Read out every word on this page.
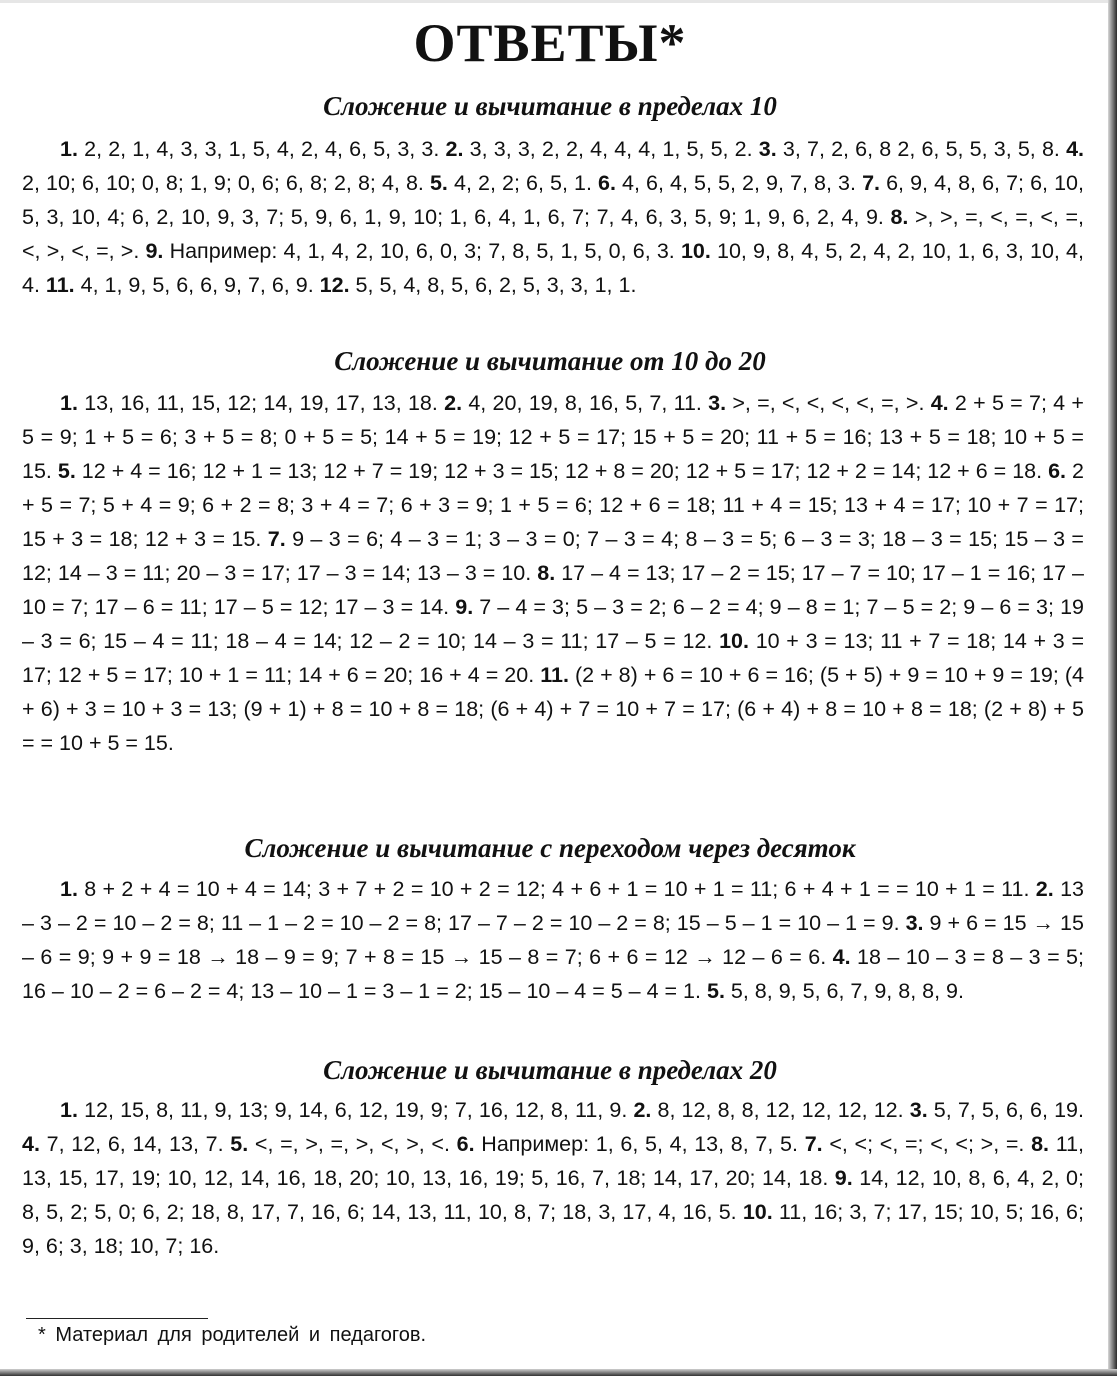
ОТВЕТЫ*
Сложение и вычитание в пределах 10

1. 2, 2, 1, 4, 3, 3, 1, 5, 4, 2, 4, 6, 5, 3, 3. 2. 3, 3, 3, 2, 2, 4, 4, 4, 1, 5, 5, 2. 3. 3, 7, 2, 6, 8 2, 6, 5, 5, 3, 5, 8. 4. 2, 10; 6, 10; 0, 8; 1, 9; 0, 6; 6, 8; 2, 8; 4, 8. 5. 4, 2, 2; 6, 5, 1. 6. 4, 6, 4, 5, 5, 2, 9, 7, 8, 3. 7. 6, 9, 4, 8, 6, 7; 6, 10, 5, 3, 10, 4; 6, 2, 10, 9, 3, 7; 5, 9, 6, 1, 9, 10; 1, 6, 4, 1, 6, 7; 7, 4, 6, 3, 5, 9; 1, 9, 6, 2, 4, 9. 8. >, >, =, <, =, <, =, <, >, <, =, >. 9. Например: 4, 1, 4, 2, 10, 6, 0, 3; 7, 8, 5, 1, 5, 0, 6, 3. 10. 10, 9, 8, 4, 5, 2, 4, 2, 10, 1, 6, 3, 10, 4, 4. 11. 4, 1, 9, 5, 6, 6, 9, 7, 6, 9. 12. 5, 5, 4, 8, 5, 6, 2, 5, 3, 3, 1, 1.

Сложение и вычитание от 10 до 20

1. 13, 16, 11, 15, 12; 14, 19, 17, 13, 18. 2. 4, 20, 19, 8, 16, 5, 7, 11. 3. >, =, <, <, <, <, =, >. 4. 2 + 5 = 7; 4 + 5 = 9; 1 + 5 = 6; 3 + 5 = 8; 0 + 5 = 5; 14 + 5 = 19; 12 + 5 = 17; 15 + 5 = 20; 11 + 5 = 16; 13 + 5 = 18; 10 + 5 = 15. 5. 12 + 4 = 16; 12 + 1 = 13; 12 + 7 = 19; 12 + 3 = 15; 12 + 8 = 20; 12 + 5 = 17; 12 + 2 = 14; 12 + 6 = 18. 6. 2 + 5 = 7; 5 + 4 = 9; 6 + 2 = 8; 3 + 4 = 7; 6 + 3 = 9; 1 + 5 = 6; 12 + 6 = 18; 11 + 4 = 15; 13 + 4 = 17; 10 + 7 = 17; 15 + 3 = 18; 12 + 3 = 15. 7. 9 – 3 = 6; 4 – 3 = 1; 3 – 3 = 0; 7 – 3 = 4; 8 – 3 = 5; 6 – 3 = 3; 18 – 3 = 15; 15 – 3 = 12; 14 – 3 = 11; 20 – 3 = 17; 17 – 3 = 14; 13 – 3 = 10. 8. 17 – 4 = 13; 17 – 2 = 15; 17 – 7 = 10; 17 – 1 = 16; 17 – 10 = 7; 17 – 6 = 11; 17 – 5 = 12; 17 – 3 = 14. 9. 7 – 4 = 3; 5 – 3 = 2; 6 – 2 = 4; 9 – 8 = 1; 7 – 5 = 2; 9 – 6 = 3; 19 – 3 = 6; 15 – 4 = 11; 18 – 4 = 14; 12 – 2 = 10; 14 – 3 = 11; 17 – 5 = 12. 10. 10 + 3 = 13; 11 + 7 = 18; 14 + 3 = 17; 12 + 5 = 17; 10 + 1 = 11; 14 + 6 = 20; 16 + 4 = 20. 11. (2 + 8) + 6 = 10 + 6 = 16; (5 + 5) + 9 = 10 + 9 = 19; (4 + 6) + 3 = 10 + 3 = 13; (9 + 1) + 8 = 10 + 8 = 18; (6 + 4) + 7 = 10 + 7 = 17; (6 + 4) + 8 = 10 + 8 = 18; (2 + 8) + 5 = = 10 + 5 = 15.

Сложение и вычитание с переходом через десяток

1. 8 + 2 + 4 = 10 + 4 = 14; 3 + 7 + 2 = 10 + 2 = 12; 4 + 6 + 1 = 10 + 1 = 11; 6 + 4 + 1 = = 10 + 1 = 11. 2. 13 – 3 – 2 = 10 – 2 = 8; 11 – 1 – 2 = 10 – 2 = 8; 17 – 7 – 2 = 10 – 2 = 8; 15 – 5 – 1 = 10 – 1 = 9. 3. 9 + 6 = 15 → 15 – 6 = 9; 9 + 9 = 18 → 18 – 9 = 9; 7 + 8 = 15 → 15 – 8 = 7; 6 + 6 = 12 → 12 – 6 = 6. 4. 18 – 10 – 3 = 8 – 3 = 5; 16 – 10 – 2 = 6 – 2 = 4; 13 – 10 – 1 = 3 – 1 = 2; 15 – 10 – 4 = 5 – 4 = 1. 5. 5, 8, 9, 5, 6, 7, 9, 8, 8, 9.

Сложение и вычитание в пределах 20

1. 12, 15, 8, 11, 9, 13; 9, 14, 6, 12, 19, 9; 7, 16, 12, 8, 11, 9. 2. 8, 12, 8, 8, 12, 12, 12, 12. 3. 5, 7, 5, 6, 6, 19. 4. 7, 12, 6, 14, 13, 7. 5. <, =, >, =, >, <, >, <. 6. Например: 1, 6, 5, 4, 13, 8, 7, 5. 7. <, <; <, =; <, <; >, =. 8. 11, 13, 15, 17, 19; 10, 12, 14, 16, 18, 20; 10, 13, 16, 19; 5, 16, 7, 18; 14, 17, 20; 14, 18. 9. 14, 12, 10, 8, 6, 4, 2, 0; 8, 5, 2; 5, 0; 6, 2; 18, 8, 17, 7, 16, 6; 14, 13, 11, 10, 8, 7; 18, 3, 17, 4, 16, 5. 10. 11, 16; 3, 7; 17, 15; 10, 5; 16, 6; 9, 6; 3, 18; 10, 7; 16.

* Материал для родителей и педагогов.
